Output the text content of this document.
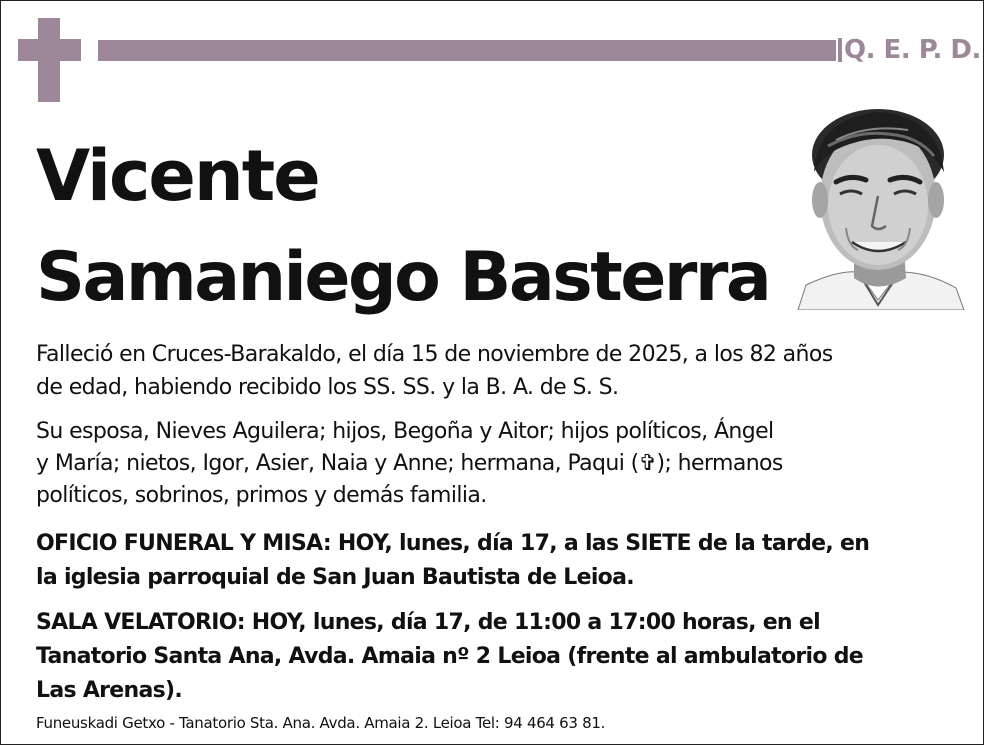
Q. E. P. D.
Vicente
Samaniego Basterra
Falleció en Cruces-Barakaldo, el día 15 de noviembre de 2025, a los 82 años
de edad, habiendo recibido los SS. SS. y la B. A. de S. S.
Su esposa, Nieves Aguilera; hijos, Begoña y Aitor; hijos políticos, Ángel
y María; nietos, Igor, Asier, Naia y Anne; hermana, Paqui (✞); hermanos
políticos, sobrinos, primos y demás familia.
OFICIO FUNERAL Y MISA: HOY, lunes, día 17, a las SIETE de la tarde, en
la iglesia parroquial de San Juan Bautista de Leioa.
SALA VELATORIO: HOY, lunes, día 17, de 11:00 a 17:00 horas, en el
Tanatorio Santa Ana, Avda. Amaia nº 2 Leioa (frente al ambulatorio de
Las Arenas).
Funeuskadi Getxo - Tanatorio Sta. Ana. Avda. Amaia 2. Leioa Tel: 94 464 63 81.
